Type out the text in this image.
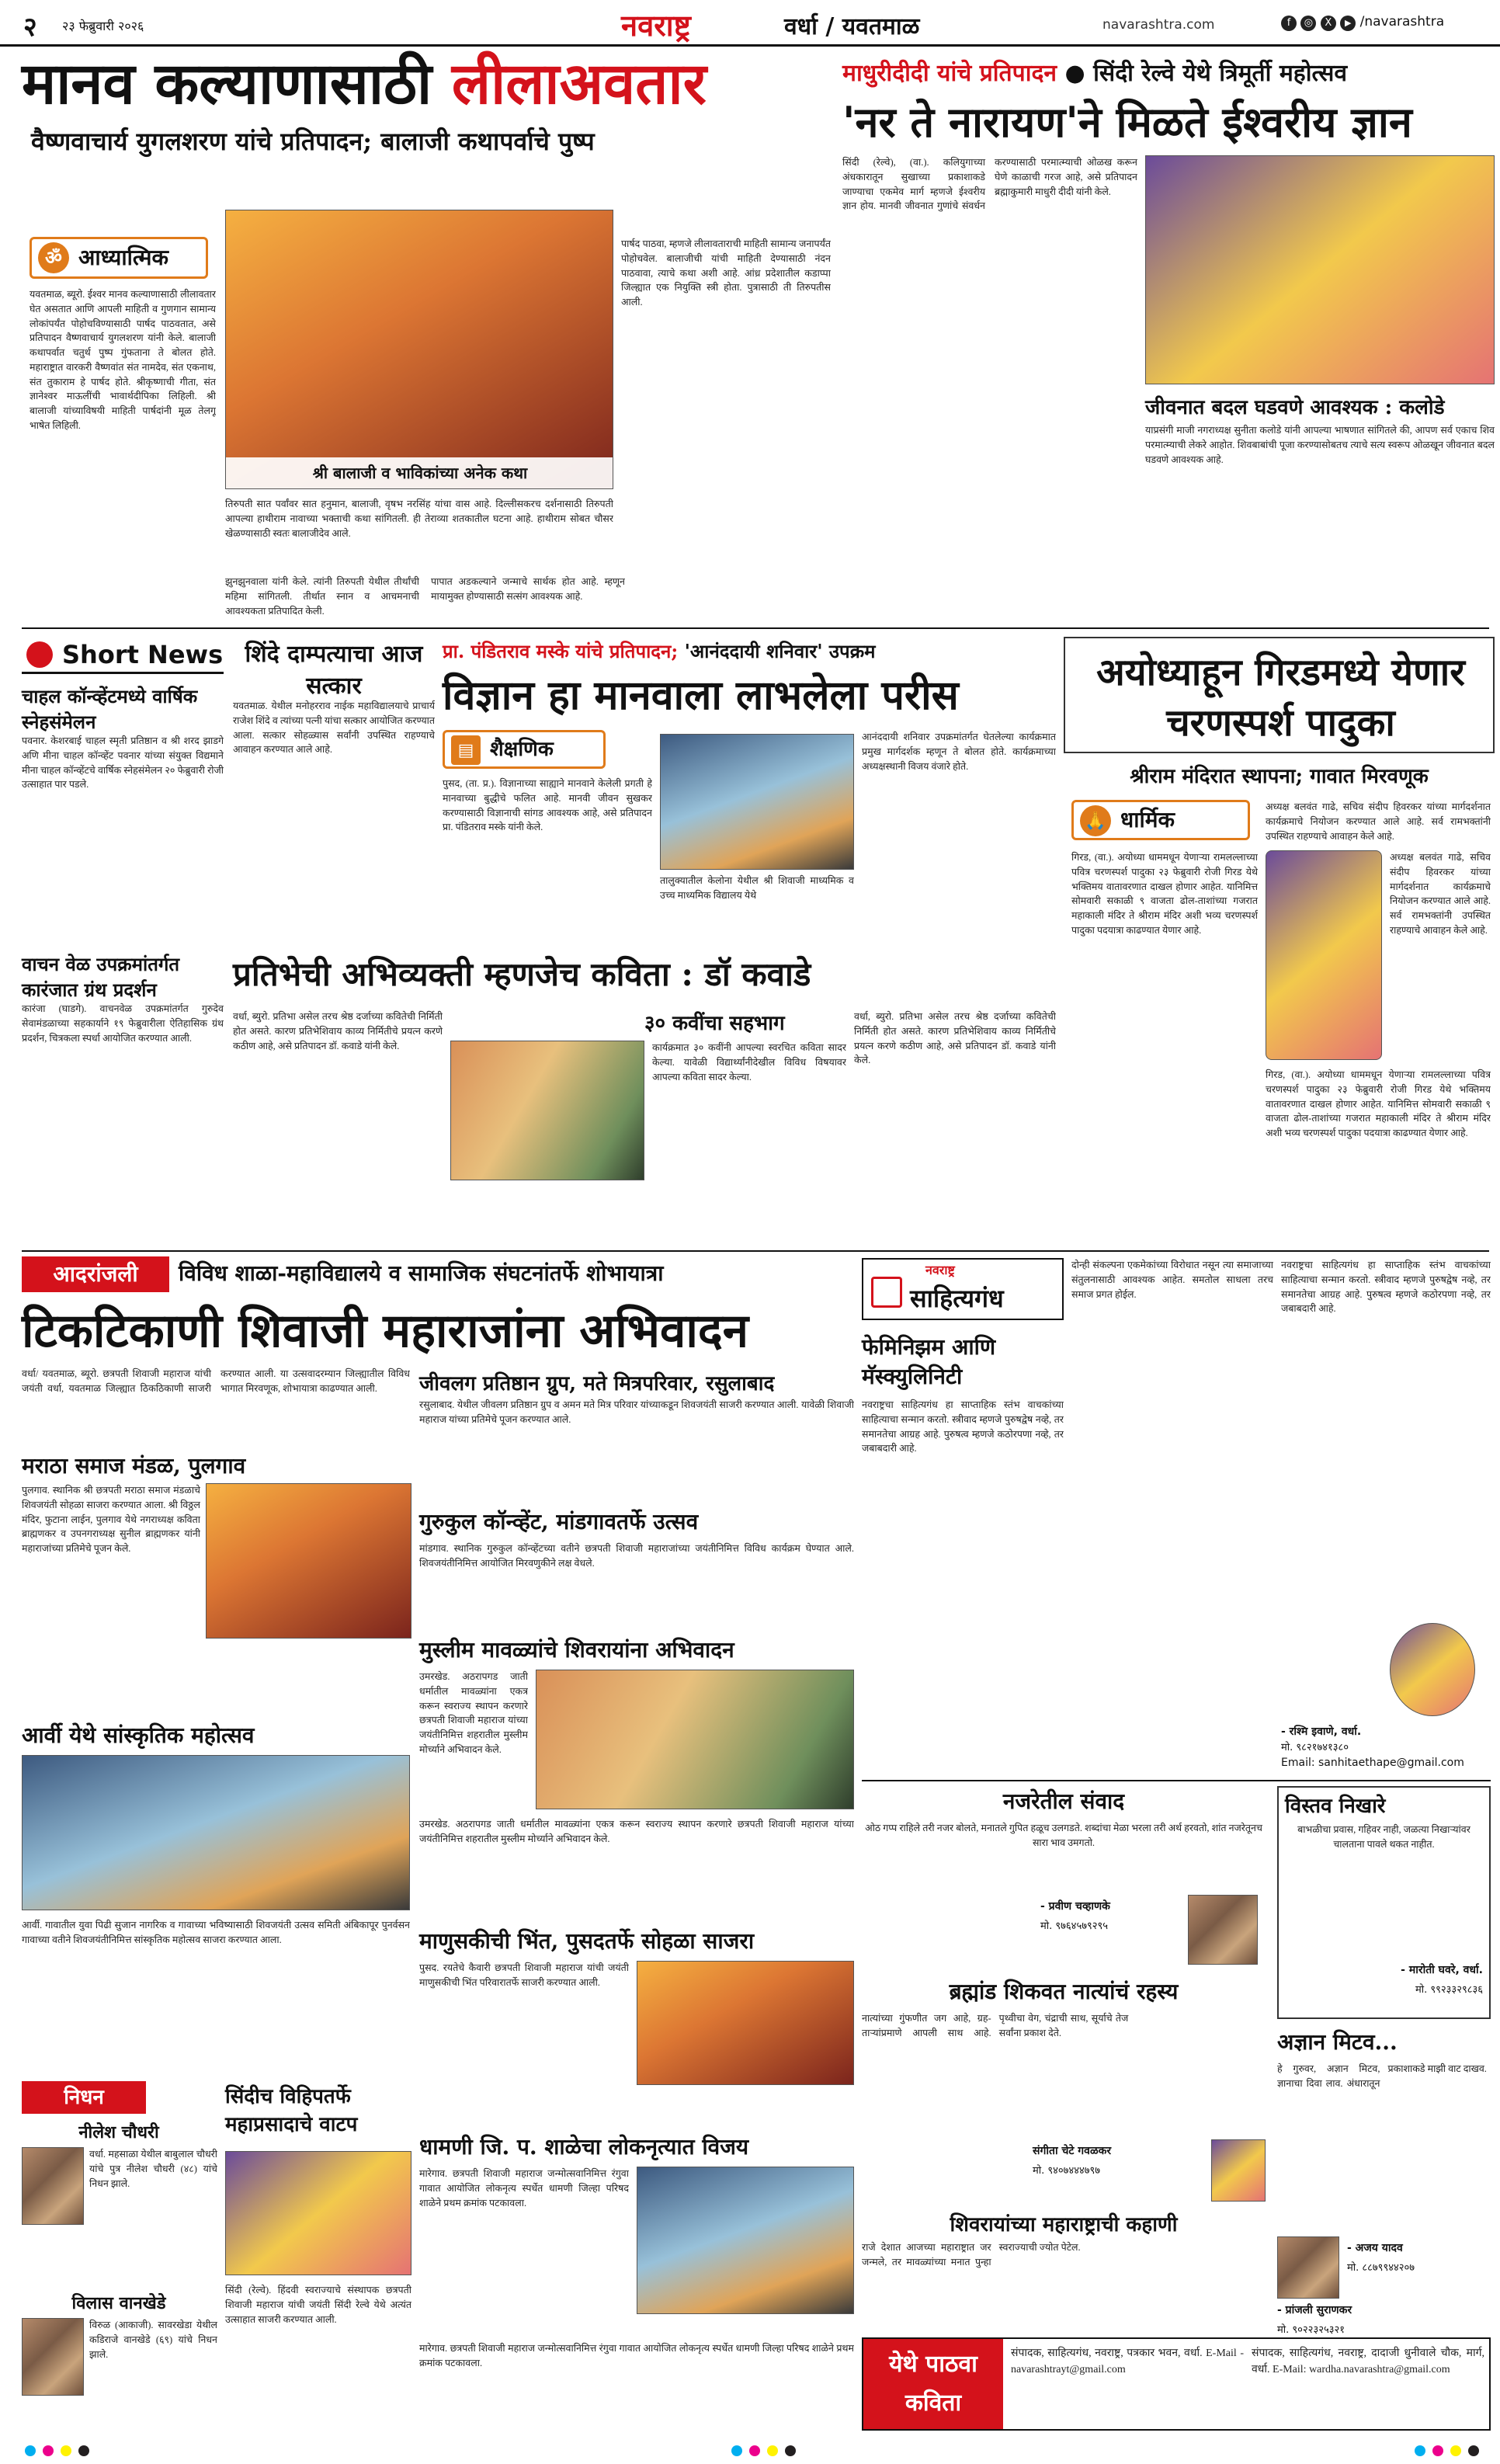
२ २३ फेब्रुवारी २०२६	नवराष्ट्र	वर्धा / यवतमाळ	navarashtra.com	f ◎ X ▶ /navarashtra
मानव कल्याणासाठी लीलाअवतार
वैष्णवाचार्य युगलशरण यांचे प्रतिपादन; बालाजी कथापर्वाचे पुष्प
ॐ आध्यात्मिक
यवतमाळ, ब्यूरो. ईश्वर मानव कल्याणासाठी लीलावतार घेत असतात आणि आपली माहिती व गुणगान सामान्य लोकांपर्यंत पोहोचविण्यासाठी पार्षद पाठवतात, असे प्रतिपादन वैष्णवाचार्य युगलशरण यांनी केले. बालाजी कथापर्वात चतुर्थ पुष्प गुंफताना ते बोलत होते. महाराष्ट्रात वारकरी वैष्णवांत संत नामदेव, संत एकनाथ, संत तुकाराम हे पार्षद होते. श्रीकृष्णाची गीता, संत ज्ञानेश्वर माऊलींची भावार्थदीपिका लिहिली. श्री बालाजी यांच्याविषयी माहिती पार्षदांनी मूळ तेलगू भाषेत लिहिली.
श्री बालाजी व भाविकांच्या अनेक कथा
तिरुपती सात पर्वांवर सात हनुमान, बालाजी, वृषभ नरसिंह यांचा वास आहे. दिल्लीसकरच दर्शनासाठी तिरुपती आपल्या हाथीराम नावाच्या भक्ताची कथा सांगितली. ही तेराव्या शतकातील घटना आहे. हाथीराम सोबत चौसर खेळण्यासाठी स्वतः बालाजीदेव आले.
पार्षद पाठवा, म्हणजे लीलावताराची माहिती सामान्य जनापर्यंत पोहोचवेल. बालाजीची यांची माहिती देण्यासाठी नंदन पाठवावा, त्याचे कथा अशी आहे. आंध्र प्रदेशातील कडाप्पा जिल्ह्यात एक नियुक्ति स्त्री होता. पुत्रासाठी ती तिरुपतीस आली.
झुनझुनवाला यांनी केले. त्यांनी तिरुपती येथील तीर्थांची महिमा सांगितली. तीर्थात स्नान व आचमनाची आवश्यकता प्रतिपादित केली.
पापात अडकल्याने जन्माचे सार्थक होत आहे. म्हणून मायामुक्त होण्यासाठी सत्संग आवश्यक आहे.
माधुरीदीदी यांचे प्रतिपादन ● सिंदी रेल्वे येथे त्रिमूर्ती महोत्सव
'नर ते नारायण'ने मिळते ईश्वरीय ज्ञान
सिंदी (रेल्वे), (वा.). कलियुगाच्या अंधकारातून सुखाच्या प्रकाशाकडे जाण्याचा एकमेव मार्ग म्हणजे ईश्वरीय ज्ञान होय. मानवी जीवनात गुणांचे संवर्धन करण्यासाठी परमात्म्याची ओळख करून घेणे काळाची गरज आहे, असे प्रतिपादन ब्रह्माकुमारी माधुरी दीदी यांनी केले.
जीवनात बदल घडवणे आवश्यक : कलोडे
याप्रसंगी माजी नगराध्यक्ष सुनीता कलोडे यांनी आपल्या भाषणात सांगितले की, आपण सर्व एकाच शिव परमात्म्याची लेकरे आहोत. शिवबाबांची पूजा करण्यासोबतच त्याचे सत्य स्वरूप ओळखून जीवनात बदल घडवणे आवश्यक आहे.
Short News
चाहल कॉन्व्हेंटमध्ये वार्षिक स्नेहसंमेलन
पवनार. केशरबाई चाहल स्मृती प्रतिष्ठान व श्री शरद झाडगे अणि मीना चाहल कॉन्व्हेंट पवनार यांच्या संयुक्त विद्यमाने मीना चाहल कॉन्व्हेंटचे वार्षिक स्नेहसंमेलन २० फेब्रुवारी रोजी उत्साहात पार पडले.
वाचन वेळ उपक्रमांतर्गत कारंजात ग्रंथ प्रदर्शन
कारंजा (घाडगे). वाचनवेळ उपक्रमांतर्गत गुरुदेव सेवामंडळाच्या सहकार्याने १९ फेब्रुवारीला ऐतिहासिक ग्रंथ प्रदर्शन, चित्रकला स्पर्धा आयोजित करण्यात आली.
शिंदे दाम्पत्याचा आज सत्कार
यवतमाळ. येथील मनोहरराव नाईक महाविद्यालयाचे प्राचार्य राजेश शिंदे व त्यांच्या पत्नी यांचा सत्कार आयोजित करण्यात आला. सत्कार सोहळ्यास सर्वांनी उपस्थित राहण्याचे आवाहन करण्यात आले आहे.
प्रा. पंडितराव मस्के यांचे प्रतिपादन; 'आनंददायी शनिवार' उपक्रम
विज्ञान हा मानवाला लाभलेला परीस
▤ शैक्षणिक
पुसद, (ता. प्र.). विज्ञानाच्या साह्याने मानवाने केलेली प्रगती हे मानवाच्या बुद्धीचे फलित आहे. मानवी जीवन सुखकर करण्यासाठी विज्ञानाची सांगड आवश्यक आहे, असे प्रतिपादन प्रा. पंडितराव मस्के यांनी केले.
तालुक्यातील केलोना येथील श्री शिवाजी माध्यमिक व उच्च माध्यमिक विद्यालय येथे
आनंददायी शनिवार उपक्रमांतर्गत घेतलेल्या कार्यक्रमात प्रमुख मार्गदर्शक म्हणून ते बोलत होते. कार्यक्रमाच्या अध्यक्षस्थानी विजय वंजारे होते.
प्रतिभेची अभिव्यक्ती म्हणजेच कविता : डॉ कवाडे
वर्धा, ब्युरो. प्रतिभा असेल तरच श्रेष्ठ दर्जाच्या कवितेची निर्मिती होत असते. कारण प्रतिभेशिवाय काव्य निर्मितीचे प्रयत्न करणे कठीण आहे, असे प्रतिपादन डॉ. कवाडे यांनी केले.
३० कवींचा सहभाग
कार्यक्रमात ३० कवींनी आपल्या स्वरचित कविता सादर केल्या. यावेळी विद्यार्थ्यांनीदेखील विविध विषयावर आपल्या कविता सादर केल्या.
वर्धा, ब्युरो. प्रतिभा असेल तरच श्रेष्ठ दर्जाच्या कवितेची निर्मिती होत असते. कारण प्रतिभेशिवाय काव्य निर्मितीचे प्रयत्न करणे कठीण आहे, असे प्रतिपादन डॉ. कवाडे यांनी केले.
अयोध्याहून गिरडमध्ये येणार चरणस्पर्श पादुका
श्रीराम मंदिरात स्थापना; गावात मिरवणूक
🙏 धार्मिक
गिरड, (वा.). अयोध्या धाममधून येणाऱ्या रामलल्लाच्या पवित्र चरणस्पर्श पादुका २३ फेब्रुवारी रोजी गिरड येथे भक्तिमय वातावरणात दाखल होणार आहेत. यानिमित्त सोमवारी सकाळी ९ वाजता ढोल-ताशांच्या गजरात महाकाली मंदिर ते श्रीराम मंदिर अशी भव्य चरणस्पर्श पादुका पदयात्रा काढण्यात येणार आहे.
अध्यक्ष बलवंत गाढे, सचिव संदीप हिवरकर यांच्या मार्गदर्शनात कार्यक्रमाचे नियोजन करण्यात आले आहे. सर्व रामभक्तांनी उपस्थित राहण्याचे आवाहन केले आहे.
अध्यक्ष बलवंत गाढे, सचिव संदीप हिवरकर यांच्या मार्गदर्शनात कार्यक्रमाचे नियोजन करण्यात आले आहे. सर्व रामभक्तांनी उपस्थित राहण्याचे आवाहन केले आहे.
गिरड, (वा.). अयोध्या धाममधून येणाऱ्या रामलल्लाच्या पवित्र चरणस्पर्श पादुका २३ फेब्रुवारी रोजी गिरड येथे भक्तिमय वातावरणात दाखल होणार आहेत. यानिमित्त सोमवारी सकाळी ९ वाजता ढोल-ताशांच्या गजरात महाकाली मंदिर ते श्रीराम मंदिर अशी भव्य चरणस्पर्श पादुका पदयात्रा काढण्यात येणार आहे.
आदरांजली	विविध शाळा-महाविद्यालये व सामाजिक संघटनांतर्फे शोभायात्रा
टिकटिकाणी शिवाजी महाराजांना अभिवादन
वर्धा/ यवतमाळ, ब्यूरो. छत्रपती शिवाजी महाराज यांची जयंती वर्धा, यवतमाळ जिल्ह्यात ठिकठिकाणी साजरी करण्यात आली. या उत्सवादरम्यान जिल्ह्यातील विविध भागात मिरवणूक, शोभायात्रा काढण्यात आली.
मराठा समाज मंडळ, पुलगाव
पुलगाव. स्थानिक श्री छत्रपती मराठा समाज मंडळाचे शिवजयंती सोहळा साजरा करण्यात आला. श्री विठ्ठल मंदिर, फुटाना लाईन, पुलगाव येथे नगराध्यक्ष कविता ब्राह्मणकर व उपनगराध्यक्ष सुनील ब्राह्मणकर यांनी महाराजांच्या प्रतिमेचे पूजन केले.
आर्वी येथे सांस्कृतिक महोत्सव
आर्वी. गावातील युवा पिढी सुजान नागरिक व गावाच्या भविष्यासाठी शिवजयंती उत्सव समिती अंबिकापूर पुनर्वसन गावाच्या वतीने शिवजयंतीनिमित्त सांस्कृतिक महोत्सव साजरा करण्यात आला.
जीवलग प्रतिष्ठान ग्रुप, मते मित्रपरिवार, रसुलाबाद
रसुलाबाद. येथील जीवलग प्रतिष्ठान ग्रुप व अमन मते मित्र परिवार यांच्याकडून शिवजयंती साजरी करण्यात आली. यावेळी शिवाजी महाराज यांच्या प्रतिमेचे पूजन करण्यात आले.
गुरुकुल कॉन्व्हेंट, मांडगावतर्फे उत्सव
मांडगाव. स्थानिक गुरुकुल कॉन्व्हेंटच्या वतीने छत्रपती शिवाजी महाराजांच्या जयंतीनिमित्त विविध कार्यक्रम घेण्यात आले. शिवजयंतीनिमित्त आयोजित मिरवणुकीने लक्ष वेधले.
मुस्लीम मावळ्यांचे शिवरायांना अभिवादन
उमरखेड. अठरापगड जाती धर्मातील मावळ्यांना एकत्र करून स्वराज्य स्थापन करणारे छत्रपती शिवाजी महाराज यांच्या जयंतीनिमित्त शहरातील मुस्लीम मोर्च्याने अभिवादन केले.
उमरखेड. अठरापगड जाती धर्मातील मावळ्यांना एकत्र करून स्वराज्य स्थापन करणारे छत्रपती शिवाजी महाराज यांच्या जयंतीनिमित्त शहरातील मुस्लीम मोर्च्याने अभिवादन केले.
माणुसकीची भिंत, पुसदतर्फे सोहळा साजरा
पुसद. रयतेचे कैवारी छत्रपती शिवाजी महाराज यांची जयंती माणुसकीची भिंत परिवारातर्फे साजरी करण्यात आली.
सिंदीच विहिपतर्फे महाप्रसादाचे वाटप
सिंदी (रेल्वे). हिंदवी स्वराज्याचे संस्थापक छत्रपती शिवाजी महाराज यांची जयंती सिंदी रेल्वे येथे अत्यंत उत्साहात साजरी करण्यात आली.
धामणी जि. प. शाळेचा लोकनृत्यात विजय
मारेगाव. छत्रपती शिवाजी महाराज जन्मोत्सवानिमित्त रंगुवा गावात आयोजित लोकनृत्य स्पर्धेत धामणी जिल्हा परिषद शाळेने प्रथम क्रमांक पटकावला.
मारेगाव. छत्रपती शिवाजी महाराज जन्मोत्सवानिमित्त रंगुवा गावात आयोजित लोकनृत्य स्पर्धेत धामणी जिल्हा परिषद शाळेने प्रथम क्रमांक पटकावला.
निधन
नीलेश चौधरी
वर्धा. महसाळा येथील बाबुलाल चौधरी यांचे पुत्र नीलेश चौधरी (४८) यांचे निधन झाले.
विलास वानखेडे
विरुळ (आकाजी). सावरखेडा येथील कडिराजे वानखेडे (६९) यांचे निधन झाले.
नवराष्ट्र
साहित्यगंध
फेमिनिझम आणि मॅस्क्युलिनिटी
नवराष्ट्रचा साहित्यगंध हा साप्ताहिक स्तंभ वाचकांच्या साहित्याचा सन्मान करतो. स्त्रीवाद म्हणजे पुरुषद्वेष नव्हे, तर समानतेचा आग्रह आहे. पुरुषत्व म्हणजे कठोरपणा नव्हे, तर जबाबदारी आहे.
दोन्ही संकल्पना एकमेकांच्या विरोधात नसून त्या समाजाच्या संतुलनासाठी आवश्यक आहेत. समतोल साधला तरच समाज प्रगत होईल.
नवराष्ट्रचा साहित्यगंध हा साप्ताहिक स्तंभ वाचकांच्या साहित्याचा सन्मान करतो. स्त्रीवाद म्हणजे पुरुषद्वेष नव्हे, तर समानतेचा आग्रह आहे. पुरुषत्व म्हणजे कठोरपणा नव्हे, तर जबाबदारी आहे.
- रश्मि इवाणे, वर्धा.
मो. ९८२१७४१३८०
Email: sanhitaethape@gmail.com
नजरेतील संवाद
ओठ गप्प राहिले तरी नजर बोलते, मनातले गुपित हळूच उलगडते. शब्दांचा मेळा भरला तरी अर्थ हरवतो, शांत नजरेतूनच सारा भाव उमगतो.
- प्रवीण चव्हाणके
मो. ९७६४५७९२९५
विस्तव निखारे
बाभळीचा प्रवास, गहिवर नाही, जळत्या निखाऱ्यांवर चालताना पावले थकत नाहीत.
- मारोती घवरे, वर्धा.
मो. ९९२३३२९८३६
ब्रह्मांड शिकवत नात्यांचं रहस्य
नात्यांच्या गुंफणीत जग आहे, ग्रह-ताऱ्यांप्रमाणे आपली साथ आहे. पृथ्वीचा वेग, चंद्राची साथ, सूर्याचे तेज सर्वांना प्रकाश देते.
संगीता चेटे गवळकर
मो. ९४०७४४४७९७
अज्ञान मिटव...
हे गुरुवर, अज्ञान मिटव, ज्ञानाचा दिवा लाव. अंधारातून प्रकाशाकडे माझी वाट दाखव.
- अजय यादव
मो. ८८७९९४४२०७
शिवरायांच्या महाराष्ट्राची कहाणी
राजे देशात आजच्या महाराष्ट्रात जर जन्मले, तर मावळ्यांच्या मनात पुन्हा स्वराज्याची ज्योत पेटेल.
- प्रांजली सुराणकर
मो. ९०२२३२५३२१
येथे पाठवा कविता
संपादक, साहित्यगंध, नवराष्ट्र, पत्रकार भवन, वर्धा. E-Mail - navarashtrayt@gmail.com
संपादक, साहित्यगंध, नवराष्ट्र, दादाजी धुनीवाले चौक, मार्ग, वर्धा. E-Mail: wardha.navarashtra@gmail.com
